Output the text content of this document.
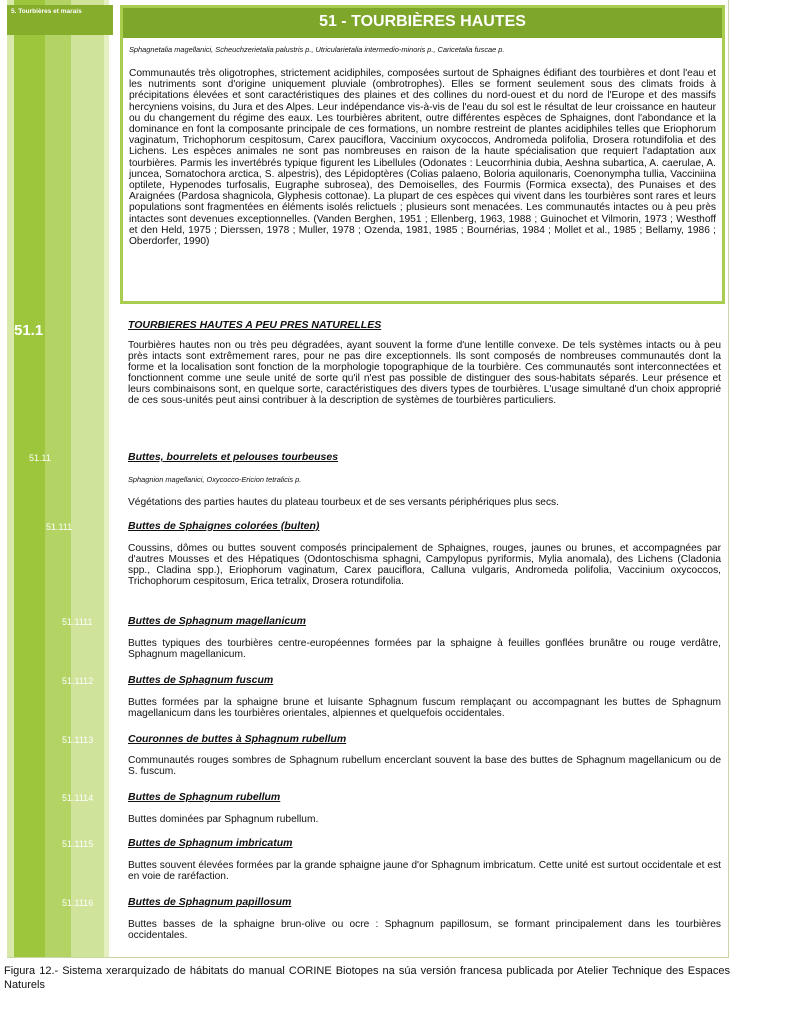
5. Tourbières et marais
51 - TOURBIÈRES HAUTES
Sphagnetalia magellanici, Scheuchzerietalia palustris p., Utricularietalia intermedio-minoris p., Caricetalia fuscae p.
Communautés très oligotrophes, strictement acidiphiles, composées surtout de Sphaignes édifiant des tourbières et dont l'eau et les nutriments sont d'origine uniquement pluviale (ombrotrophes). Elles se forment seulement sous des climats froids à précipitations élevées et sont caractéristiques des plaines et des collines du nord-ouest et du nord de l'Europe et des massifs hercyniens voisins, du Jura et des Alpes. Leur indépendance vis-à-vis de l'eau du sol est le résultat de leur croissance en hauteur ou du changement du régime des eaux. Les tourbières abritent, outre différentes espèces de Sphaignes, dont l'abondance et la dominance en font la composante principale de ces formations, un nombre restreint de plantes acidiphiles telles que Eriophorum vaginatum, Trichophorum cespitosum, Carex pauciflora, Vaccinium oxycoccos, Andromeda polifolia, Drosera rotundifolia et des Lichens. Les espèces animales ne sont pas nombreuses en raison de la haute spécialisation que requiert l'adaptation aux tourbières. Parmis les invertébrés typique figurent les Libellules (Odonates : Leucorrhinia dubia, Aeshna subartica, A. caerulae, A. juncea, Somatochora arctica, S. alpestris), des Lépidoptères (Colias palaeno, Boloria aquilonaris, Coenonympha tullia, Vacciniina optilete, Hypenodes turfosalis, Eugraphe subrosea), des Demoiselles, des Fourmis (Formica exsecta), des Punaises et des Araignées (Pardosa shagnicola, Glyphesis cottonae). La plupart de ces espèces qui vivent dans les tourbières sont rares et leurs populations sont fragmentées en éléments isolés relictuels ; plusieurs sont menacées. Les communautés intactes ou à peu près intactes sont devenues exceptionnelles. (Vanden Berghen, 1951 ; Ellenberg, 1963, 1988 ; Guinochet et Vilmorin, 1973 ; Westhoff et den Held, 1975 ; Dierssen, 1978 ; Muller, 1978 ; Ozenda, 1981, 1985 ; Bournérias, 1984 ; Mollet et al., 1985 ; Bellamy, 1986 ; Oberdorfer, 1990)
51.1	TOURBIERES HAUTES A PEU PRES NATURELLES
Tourbières hautes non ou très peu dégradées, ayant souvent la forme d'une lentille convexe. De tels systèmes intacts ou à peu près intacts sont extrêmement rares, pour ne pas dire exceptionnels. Ils sont composés de nombreuses communautés dont la forme et la localisation sont fonction de la morphologie topographique de la tourbière. Ces communautés sont interconnectées et fonctionnent comme une seule unité de sorte qu'il n'est pas possible de distinguer des sous-habitats séparés. Leur présence et leurs combinaisons sont, en quelque sorte, caractéristiques des divers types de tourbières. L'usage simultané d'un choix approprié de ces sous-unités peut ainsi contribuer à la description de systèmes de tourbières particuliers.
51.11	Buttes, bourrelets et pelouses tourbeuses
Sphagnion magellanici, Oxycocco-Ericion tetralicis p.
Végétations des parties hautes du plateau tourbeux et de ses versants périphériques plus secs.
51.111	Buttes de Sphaignes colorées (bulten)
Coussins, dômes ou buttes souvent composés principalement de Sphaignes, rouges, jaunes ou brunes, et accompagnées par d'autres Mousses et des Hépatiques (Odontoschisma sphagni, Campylopus pyriformis, Mylia anomala), des Lichens (Cladonia spp., Cladina spp.), Eriophorum vaginatum, Carex pauciflora, Calluna vulgaris, Andromeda polifolia, Vaccinium oxycoccos, Trichophorum cespitosum, Erica tetralix, Drosera rotundifolia.
51.1111	Buttes de Sphagnum magellanicum
Buttes typiques des tourbières centre-européennes formées par la sphaigne à feuilles gonflées brunâtre ou rouge verdâtre, Sphagnum magellanicum.
51.1112	Buttes de Sphagnum fuscum
Buttes formées par la sphaigne brune et luisante Sphagnum fuscum remplaçant ou accompagnant les buttes de Sphagnum magellanicum dans les tourbières orientales, alpiennes et quelquefois occidentales.
51.1113	Couronnes de buttes à Sphagnum rubellum
Communautés rouges sombres de Sphagnum rubellum encerclant souvent la base des buttes de Sphagnum magellanicum ou de S. fuscum.
51.1114	Buttes de Sphagnum rubellum
Buttes dominées par Sphagnum rubellum.
51.1115	Buttes de Sphagnum imbricatum
Buttes souvent élevées formées par la grande sphaigne jaune d'or Sphagnum imbricatum. Cette unité est surtout occidentale et est en voie de raréfaction.
51.1116	Buttes de Sphagnum papillosum
Buttes basses de la sphaigne brun-olive ou ocre : Sphagnum papillosum, se formant principalement dans les tourbières occidentales.
Figura 12.- Sistema xerarquizado de hábitats do manual CORINE Biotopes na súa versión francesa publicada por Atelier Technique des Espaces Naturels
